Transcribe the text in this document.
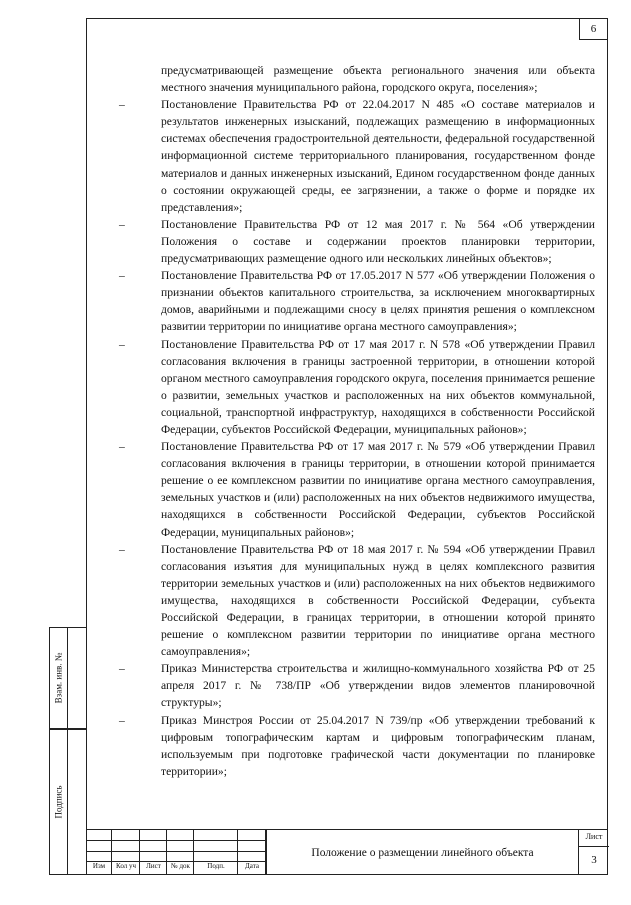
6
Взам. инв. №
Подпись
предусматривающей размещение объекта регионального значения или объекта местного значения муниципального района, городского округа, поселения»;
–	Постановление Правительства РФ от 22.04.2017 N 485 «О составе материалов и результатов инженерных изысканий, подлежащих размещению в информационных системах обеспечения градостроительной деятельности, федеральной государственной информационной системе территориального планирования, государственном фонде материалов и данных инженерных изысканий, Едином государственном фонде данных о состоянии окружающей среды, ее загрязнении, а также о форме и порядке их представления»;
–	Постановление Правительства РФ от 12 мая 2017 г. № 564 «Об утверждении Положения о составе и содержании проектов планировки территории, предусматривающих размещение одного или нескольких линейных объектов»;
–	Постановление Правительства РФ от 17.05.2017 N 577 «Об утверждении Положения о признании объектов капитального строительства, за исключением многоквартирных домов, аварийными и подлежащими сносу в целях принятия решения о комплексном развитии территории по инициативе органа местного самоуправления»;
–	Постановление Правительства РФ от 17 мая 2017 г. N 578 «Об утверждении Правил согласования включения в границы застроенной территории, в отношении которой органом местного самоуправления городского округа, поселения принимается решение о развитии, земельных участков и расположенных на них объектов коммунальной, социальной, транспортной инфраструктур, находящихся в собственности Российской Федерации, субъектов Российской Федерации, муниципальных районов»;
–	Постановление Правительства РФ от 17 мая 2017 г. № 579 «Об утверждении Правил согласования включения в границы территории, в отношении которой принимается решение о ее комплексном развитии по инициативе органа местного самоуправления, земельных участков и (или) расположенных на них объектов недвижимого имущества, находящихся в собственности Российской Федерации, субъектов Российской Федерации, муниципальных районов»;
–	Постановление Правительства РФ от 18 мая 2017 г. № 594 «Об утверждении Правил согласования изъятия для муниципальных нужд в целях комплексного развития территории земельных участков и (или) расположенных на них объектов недвижимого имущества, находящихся в собственности Российской Федерации, субъекта Российской Федерации, в границах территории, в отношении которой принято решение о комплексном развитии территории по инициативе органа местного самоуправления»;
–	Приказ Министерства строительства и жилищно-коммунального хозяйства РФ от 25 апреля 2017 г. № 738/ПР «Об утверждении видов элементов планировочной структуры»;
–	Приказ Минстроя России от 25.04.2017 N 739/пр «Об утверждении требований к цифровым топографическим картам и цифровым топографическим планам, используемым при подготовке графической части документации по планировке территории»;
Изм	Кол уч	Лист	№ док	Подп.	Дата
Положение о размещении линейного объекта
Лист
3
